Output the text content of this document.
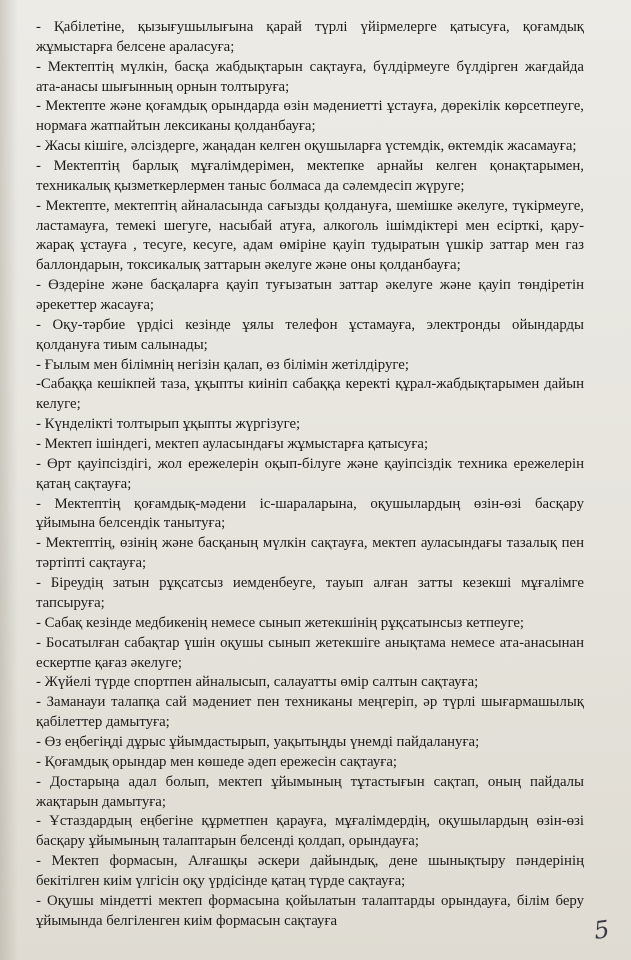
- Қабілетіне, қызығушылығына қарай түрлі үйірмелерге қатысуға, қоғамдық жұмыстарға белсене араласуға;

- Мектептің мүлкін, басқа жабдықтарын сақтауға, бүлдірмеуге бүлдірген жағдайда ата-анасы шығынның орнын толтыруға;

- Мектепте және қоғамдық орындарда өзін мәдениетті ұстауға, дөрекілік көрсетпеуге, нормаға жатпайтын лексиканы қолданбауға;

- Жасы кішіге, әлсіздерге, жаңадан келген оқушыларға үстемдік, өктемдік жасамауға;

- Мектептің барлық мұғалімдерімен, мектепке арнайы келген қонақтарымен, техникалық қызметкерлермен таныс болмаса да сәлемдесіп жүруге;

- Мектепте, мектептің айналасында сағызды қолдануға, шемішке әкелуге, түкірмеуге, ластамауға, темекі шегуге, насыбай атуға, алкоголь ішімдіктері мен есірткі, қару-жарақ ұстауға , тесуге, кесуге, адам өміріне қауіп тудыратын үшкір заттар мен газ баллондарын, токсикалық заттарын әкелуге және оны қолданбауға;

- Өздеріне және басқаларға қауіп туғызатын заттар әкелуге және қауіп төндіретін әрекеттер жасауға;

- Оқу-тәрбие үрдісі кезінде ұялы телефон ұстамауға, электронды ойындарды қолдануға тиым салынады;

- Ғылым мен білімнің негізін қалап, өз білімін жетілдіруге;

-Сабаққа кешікпей таза, ұқыпты киініп сабаққа керекті құрал-жабдықтарымен дайын келуге;

- Күнделікті толтырып ұқыпты жүргізуге;

- Мектеп ішіндегі, мектеп ауласындағы жұмыстарға қатысуға;

- Өрт қауіпсіздігі, жол ережелерін оқып-білуге және қауіпсіздік техника ережелерін қатаң сақтауға;

- Мектептің қоғамдық-мәдени іс-шараларына, оқушылардың өзін-өзі басқару ұйымына белсендік танытуға;

- Мектептің, өзінің және басқаның мүлкін сақтауға, мектеп ауласындағы тазалық пен тәртіпті сақтауға;

- Біреудің затын рұқсатсыз иемденбеуге, тауып алған затты кезекші мұғалімге тапсыруға;

- Сабақ кезінде медбикенің немесе сынып жетекшінің рұқсатынсыз кетпеуге;

- Босатылған сабақтар үшін оқушы сынып жетекшіге анықтама немесе ата-анасынан ескертпе қағаз әкелуге;

- Жүйелі түрде спортпен айналысып, салауатты өмір салтын сақтауға;

- Заманауи талапқа сай мәдениет пен техниканы меңгеріп, әр түрлі шығармашылық қабілеттер дамытуға;

- Өз еңбегіңді дұрыс ұйымдастырып, уақытыңды үнемді пайдалануға;

- Қоғамдық орындар мен көшеде әдеп ережесін сақтауға;

- Достарыңа адал болып, мектеп ұйымының тұтастығын сақтап, оның пайдалы жақтарын дамытуға;

- Ұстаздардың еңбегіне құрметпен қарауға, мұғалімдердің, оқушылардың өзін-өзі басқару ұйымының талаптарын белсенді қолдап, орындауға;

- Мектеп формасын, Алғашқы әскери дайындық, дене шынықтыру пәндерінің бекітілген киім үлгісін оқу үрдісінде қатаң түрде сақтауға;

- Оқушы міндетті мектеп формасына қойылатын талаптарды орындауға, білім беру ұйымында белгіленген киім формасын сақтауға	5
